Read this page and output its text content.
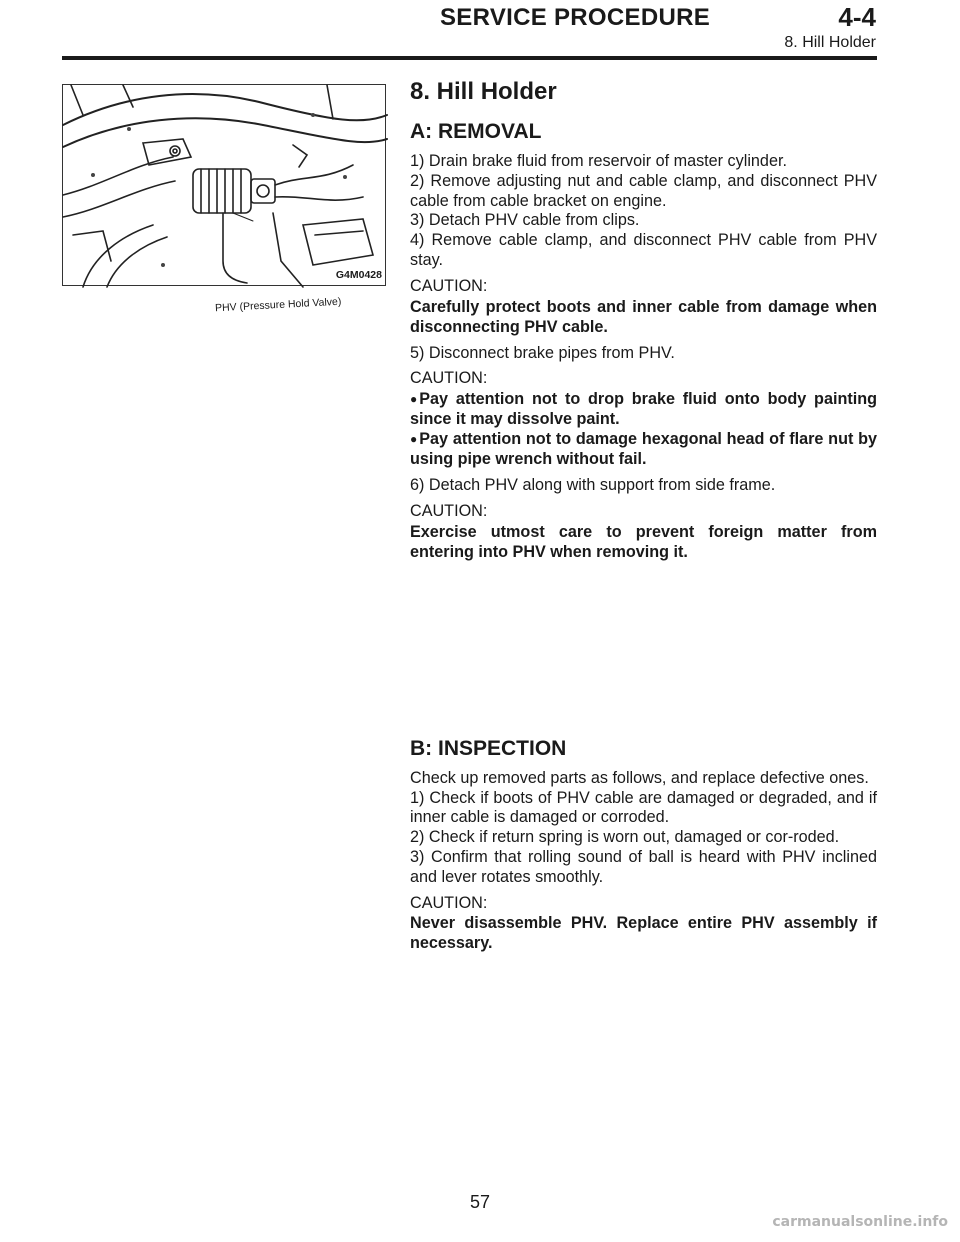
SERVICE PROCEDURE	4-4
8. Hill Holder
PHV (Pressure Hold Valve)
G4M0428
8. Hill Holder
A: REMOVAL

1) Drain brake fluid from reservoir of master cylinder.

2) Remove adjusting nut and cable clamp, and disconnect PHV cable from cable bracket on engine.

3) Detach PHV cable from clips.

4) Remove cable clamp, and disconnect PHV cable from PHV stay.

CAUTION:

Carefully protect boots and inner cable from damage when disconnecting PHV cable.

5) Disconnect brake pipes from PHV.

CAUTION:

● Pay attention not to drop brake fluid onto body painting since it may dissolve paint.

● Pay attention not to damage hexagonal head of flare nut by using pipe wrench without fail.

6) Detach PHV along with support from side frame.

CAUTION:

Exercise utmost care to prevent foreign matter from entering into PHV when removing it.

B: INSPECTION

Check up removed parts as follows, and replace defective ones.

1) Check if boots of PHV cable are damaged or degraded, and if inner cable is damaged or corroded.

2) Check if return spring is worn out, damaged or cor-roded.

3) Confirm that rolling sound of ball is heard with PHV inclined and lever rotates smoothly.

CAUTION:

Never disassemble PHV. Replace entire PHV assembly if necessary.

57
carmanualsonline.info
